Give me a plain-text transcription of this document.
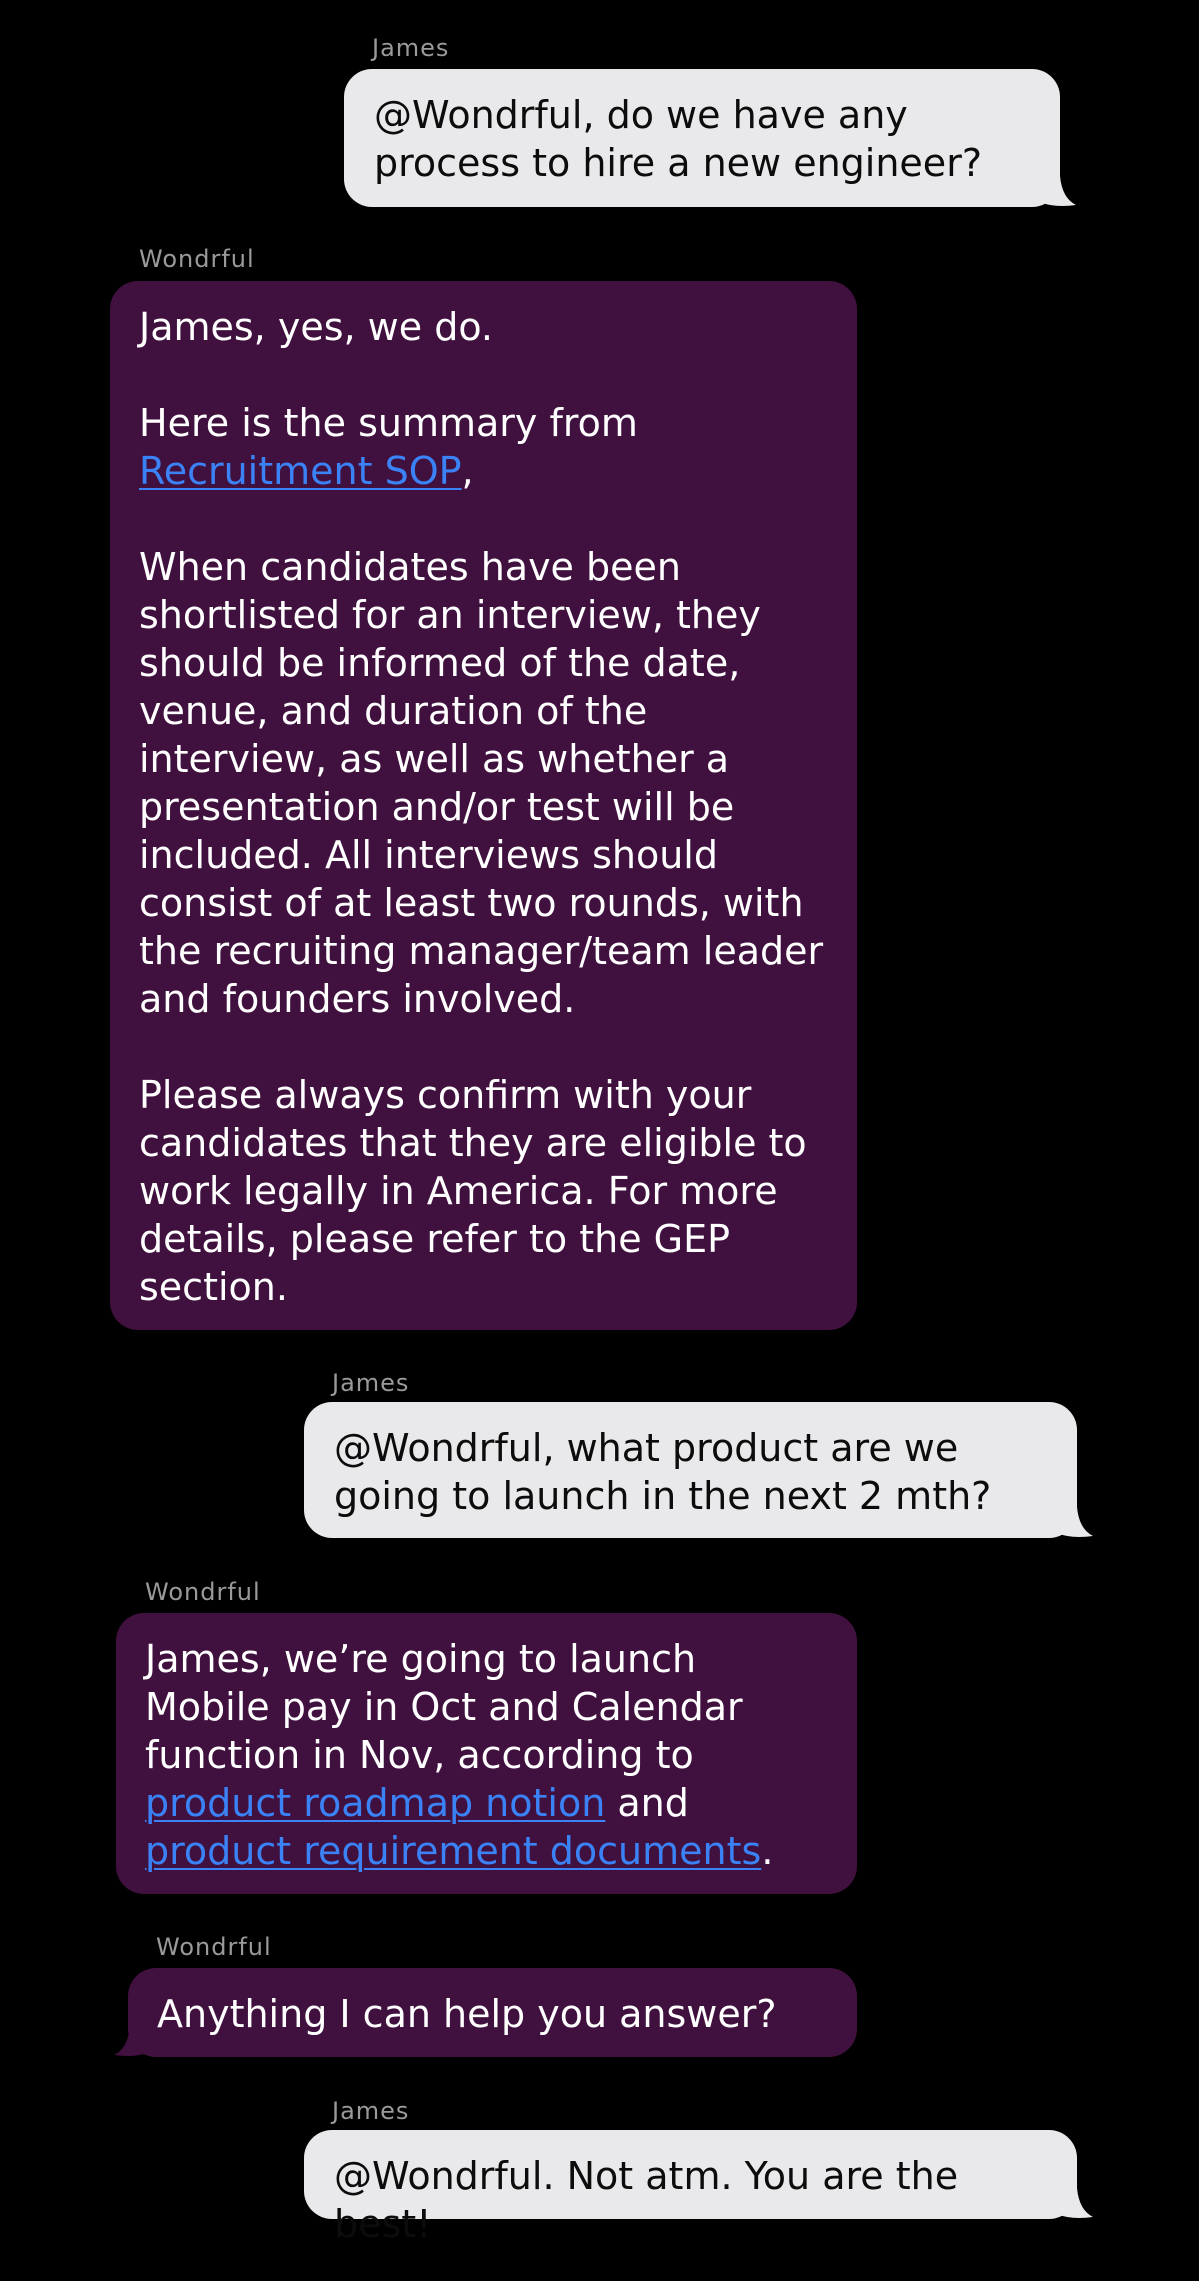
James

@Wondrful, do we have any process to hire a new engineer?

Wondrful

James, yes, we do.

Here is the summary from Recruitment SOP,

When candidates have been shortlisted for an interview, they should be informed of the date, venue, and duration of the interview, as well as whether a presentation and/or test will be included. All interviews should consist of at least two rounds, with the recruiting manager/team leader and founders involved.

Please always confirm with your candidates that they are eligible to work legally in America. For more details, please refer to the GEP section.

James

@Wondrful, what product are we going to launch in the next 2 mth?

Wondrful

James, we’re going to launch Mobile pay in Oct and Calendar function in Nov, according to product roadmap notion and product requirement documents.

Wondrful

Anything I can help you answer?

James

@Wondrful. Not atm. You are the best!
